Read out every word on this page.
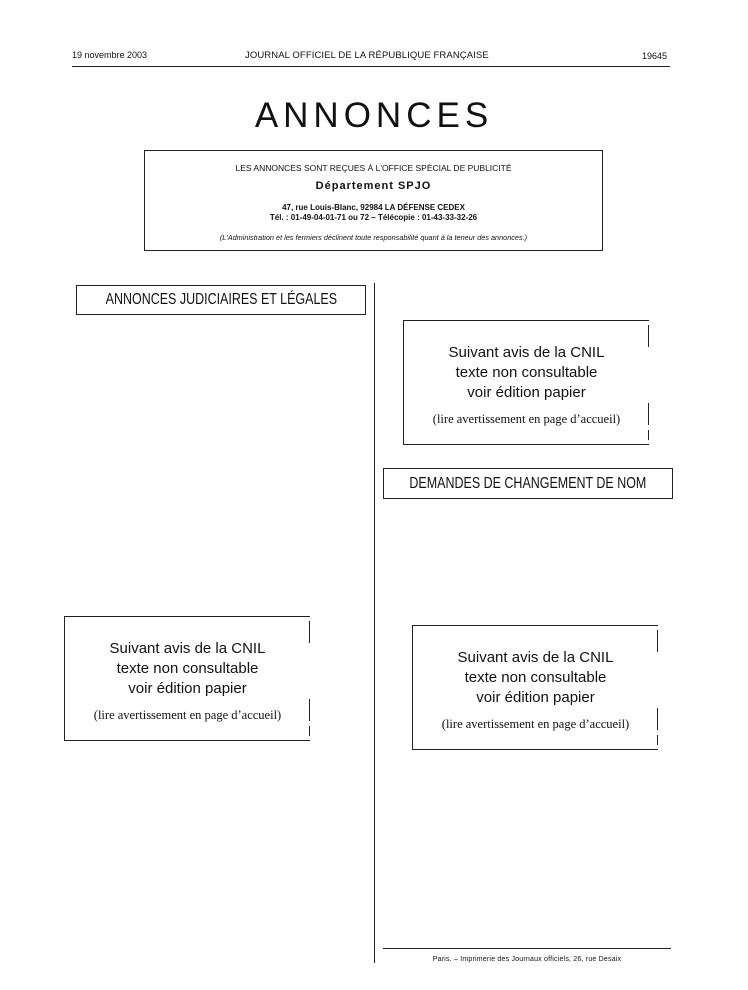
19 novembre 2003	JOURNAL OFFICIEL DE LA RÉPUBLIQUE FRANÇAISE	19645
ANNONCES
LES ANNONCES SONT REÇUES À L'OFFICE SPÉCIAL DE PUBLICITÉ
Département SPJO
47, rue Louis-Blanc, 92984 LA DÉFENSE CEDEX
Tél. : 01-49-04-01-71 ou 72 – Télécopie : 01-43-33-32-26
(L'Administration et les fermiers déclinent toute responsabilité quant à la teneur des annonces.)
ANNONCES JUDICIAIRES ET LÉGALES
DEMANDES DE CHANGEMENT DE NOM
Suivant avis de la CNIL
texte non consultable
voir édition papier
(lire avertissement en page d’accueil)
Suivant avis de la CNIL
texte non consultable
voir édition papier
(lire avertissement en page d’accueil)
Suivant avis de la CNIL
texte non consultable
voir édition papier
(lire avertissement en page d’accueil)
Paris. – Imprimerie des Journaux officiels, 26, rue Desaix
